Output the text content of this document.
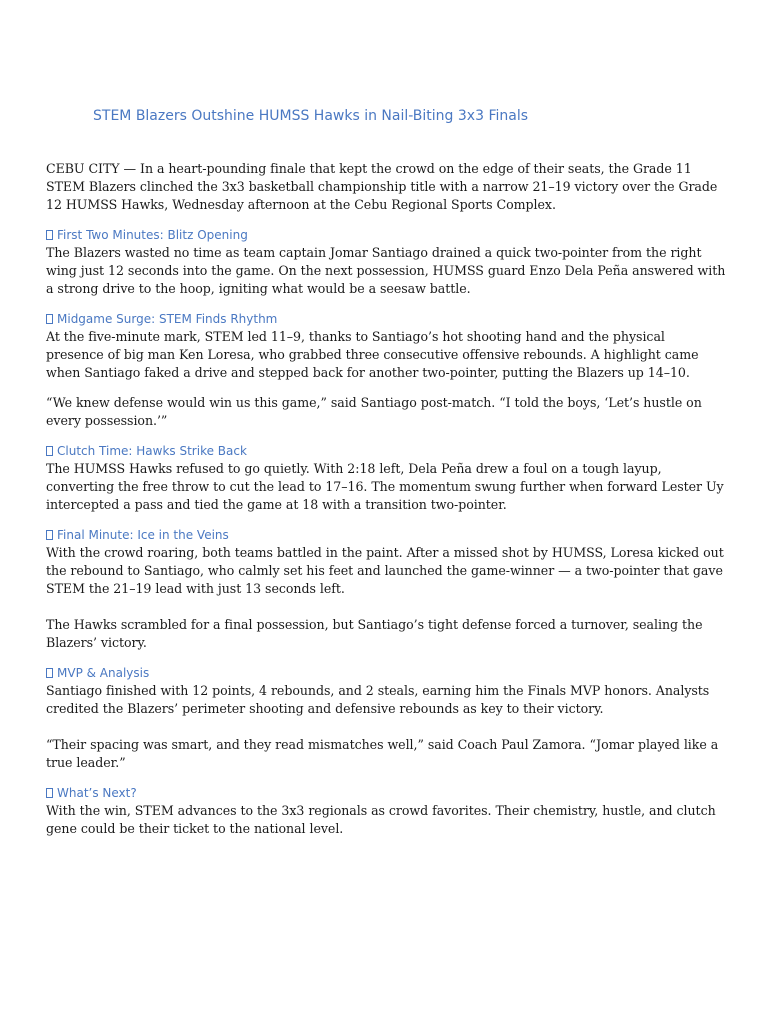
STEM Blazers Outshine HUMSS Hawks in Nail-Biting 3x3 Finals

CEBU CITY — In a heart-pounding finale that kept the crowd on the edge of their seats, the Grade 11 STEM Blazers clinched the 3x3 basketball championship title with a narrow 21–19 victory over the Grade 12 HUMSS Hawks, Wednesday afternoon at the Cebu Regional Sports Complex.

First Two Minutes: Blitz Opening

The Blazers wasted no time as team captain Jomar Santiago drained a quick two-pointer from the right wing just 12 seconds into the game. On the next possession, HUMSS guard Enzo Dela Peña answered with a strong drive to the hoop, igniting what would be a seesaw battle.

Midgame Surge: STEM Finds Rhythm

At the five-minute mark, STEM led 11–9, thanks to Santiago’s hot shooting hand and the physical presence of big man Ken Loresa, who grabbed three consecutive offensive rebounds. A highlight came when Santiago faked a drive and stepped back for another two-pointer, putting the Blazers up 14–10.

“We knew defense would win us this game,” said Santiago post-match. “I told the boys, ‘Let’s hustle on every possession.’”

Clutch Time: Hawks Strike Back

The HUMSS Hawks refused to go quietly. With 2:18 left, Dela Peña drew a foul on a tough layup, converting the free throw to cut the lead to 17–16. The momentum swung further when forward Lester Uy intercepted a pass and tied the game at 18 with a transition two-pointer.

Final Minute: Ice in the Veins

With the crowd roaring, both teams battled in the paint. After a missed shot by HUMSS, Loresa kicked out the rebound to Santiago, who calmly set his feet and launched the game-winner — a two-pointer that gave STEM the 21–19 lead with just 13 seconds left.

The Hawks scrambled for a final possession, but Santiago’s tight defense forced a turnover, sealing the Blazers’ victory.

MVP & Analysis

Santiago finished with 12 points, 4 rebounds, and 2 steals, earning him the Finals MVP honors. Analysts credited the Blazers’ perimeter shooting and defensive rebounds as key to their victory.

“Their spacing was smart, and they read mismatches well,” said Coach Paul Zamora. “Jomar played like a true leader.”

What’s Next?

With the win, STEM advances to the 3x3 regionals as crowd favorites. Their chemistry, hustle, and clutch gene could be their ticket to the national level.
